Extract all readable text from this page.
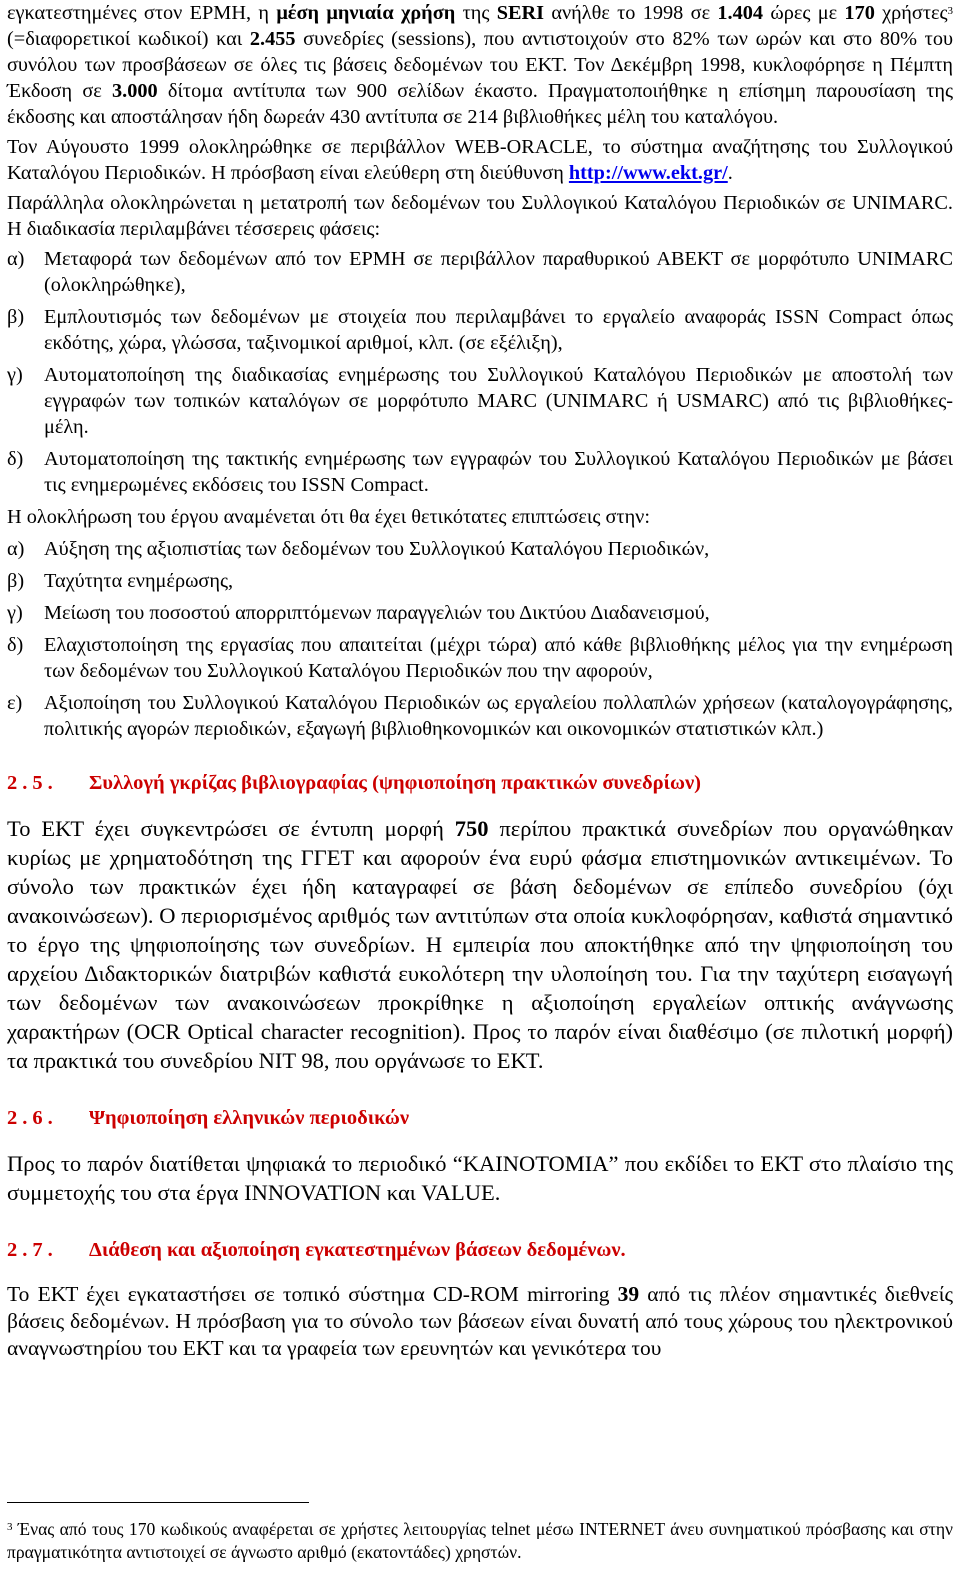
εγκατεστημένες στον ΕΡΜΗ, η μέση μηνιαία χρήση της SERI ανήλθε το 1998 σε 1.404 ώρες με 170 χρήστες$^3$ (=διαφορετικοί κωδικοί) και 2.455 συνεδρίες (sessions), που αντιστοιχούν στο 82% των ωρών και στο 80% του συνόλου των προσβάσεων σε όλες τις βάσεις δεδομένων του ΕΚΤ. Τον Δεκέμβρη 1998, κυκλοφόρησε η Πέμπτη Έκδοση σε 3.000 δίτομα αντίτυπα των 900 σελίδων έκαστο. Πραγματοποιήθηκε η επίσημη παρουσίαση της έκδοσης και αποστάλησαν ήδη δωρεάν 430 αντίτυπα σε 214 βιβλιοθήκες μέλη του καταλόγου.

Τον Αύγουστο 1999 ολοκληρώθηκε σε περιβάλλον WEB-ORACLE, το σύστημα αναζήτησης του Συλλογικού Καταλόγου Περιοδικών. Η πρόσβαση είναι ελεύθερη στη διεύθυνση http://www.ekt.gr/.

Παράλληλα ολοκληρώνεται η μετατροπή των δεδομένων του Συλλογικού Καταλόγου Περιοδικών σε UNIMARC. Η διαδικασία περιλαμβάνει τέσσερεις φάσεις:

α) Μεταφορά των δεδομένων από τον ΕΡΜΗ σε περιβάλλον παραθυρικού ΑΒΕΚΤ σε μορφότυπο UNIMARC (ολοκληρώθηκε),

β) Εμπλουτισμός των δεδομένων με στοιχεία που περιλαμβάνει το εργαλείο αναφοράς ISSN Compact όπως εκδότης, χώρα, γλώσσα, ταξινομικοί αριθμοί, κλπ. (σε εξέλιξη),

γ) Αυτοματοποίηση της διαδικασίας ενημέρωσης του Συλλογικού Καταλόγου Περιοδικών με αποστολή των εγγραφών των τοπικών καταλόγων σε μορφότυπο MARC (UNIMARC ή USMARC) από τις βιβλιοθήκες-μέλη.

δ) Αυτοματοποίηση της τακτικής ενημέρωσης των εγγραφών του Συλλογικού Καταλόγου Περιοδικών με βάσει τις ενημερωμένες εκδόσεις του ISSN Compact.

Η ολοκλήρωση του έργου αναμένεται ότι θα έχει θετικότατες επιπτώσεις στην:

α) Αύξηση της αξιοπιστίας των δεδομένων του Συλλογικού Καταλόγου Περιοδικών,

β) Ταχύτητα ενημέρωσης,

γ) Μείωση του ποσοστού απορριπτόμενων παραγγελιών του Δικτύου Διαδανεισμού,

δ) Ελαχιστοποίηση της εργασίας που απαιτείται (μέχρι τώρα) από κάθε βιβλιοθήκης μέλος για την ενημέρωση των δεδομένων του Συλλογικού Καταλόγου Περιοδικών που την αφορούν,

ε) Αξιοποίηση του Συλλογικού Καταλόγου Περιοδικών ως εργαλείου πολλαπλών χρήσεων (καταλογογράφησης, πολιτικής αγορών περιοδικών, εξαγωγή βιβλιοθηκονομικών και οικονομικών στατιστικών κλπ.)

2.5. Συλλογή γκρίζας βιβλιογραφίας (ψηφιοποίηση πρακτικών συνεδρίων)

Το ΕΚΤ έχει συγκεντρώσει σε έντυπη μορφή 750 περίπου πρακτικά συνεδρίων που οργανώθηκαν κυρίως με χρηματοδότηση της ΓΓΕΤ και αφορούν ένα ευρύ φάσμα επιστημονικών αντικειμένων. Το σύνολο των πρακτικών έχει ήδη καταγραφεί σε βάση δεδομένων σε επίπεδο συνεδρίου (όχι ανακοινώσεων). Ο περιορισμένος αριθμός των αντιτύπων στα οποία κυκλοφόρησαν, καθιστά σημαντικό το έργο της ψηφιοποίησης των συνεδρίων. Η εμπειρία που αποκτήθηκε από την ψηφιοποίηση του αρχείου Διδακτορικών διατριβών καθιστά ευκολότερη την υλοποίηση του. Για την ταχύτερη εισαγωγή των δεδομένων των ανακοινώσεων προκρίθηκε η αξιοποίηση εργαλείων οπτικής ανάγνωσης χαρακτήρων (OCR Optical character recognition). Προς το παρόν είναι διαθέσιμο (σε πιλοτική μορφή) τα πρακτικά του συνεδρίου NIT 98, που οργάνωσε το ΕΚΤ.

2.6. Ψηφιοποίηση ελληνικών περιοδικών

Προς το παρόν διατίθεται ψηφιακά το περιοδικό “ΚΑΙΝΟΤΟΜΙΑ” που εκδίδει το ΕΚΤ στο πλαίσιο της συμμετοχής του στα έργα INNOVATION και VALUE.

2.7. Διάθεση και αξιοποίηση εγκατεστημένων βάσεων δεδομένων.

Το ΕΚΤ έχει εγκαταστήσει σε τοπικό σύστημα CD-ROM mirroring 39 από τις πλέον σημαντικές διεθνείς βάσεις δεδομένων. Η πρόσβαση για το σύνολο των βάσεων είναι δυνατή από τους χώρους του ηλεκτρονικού αναγνωστηρίου του ΕΚΤ και τα γραφεία των ερευνητών και γενικότερα του

$^3$ Ένας από τους 170 κωδικούς αναφέρεται σε χρήστες λειτουργίας telnet μέσω INTERNET άνευ συνηματικού πρόσβασης και στην πραγματικότητα αντιστοιχεί σε άγνωστο αριθμό (εκατοντάδες) χρηστών.
